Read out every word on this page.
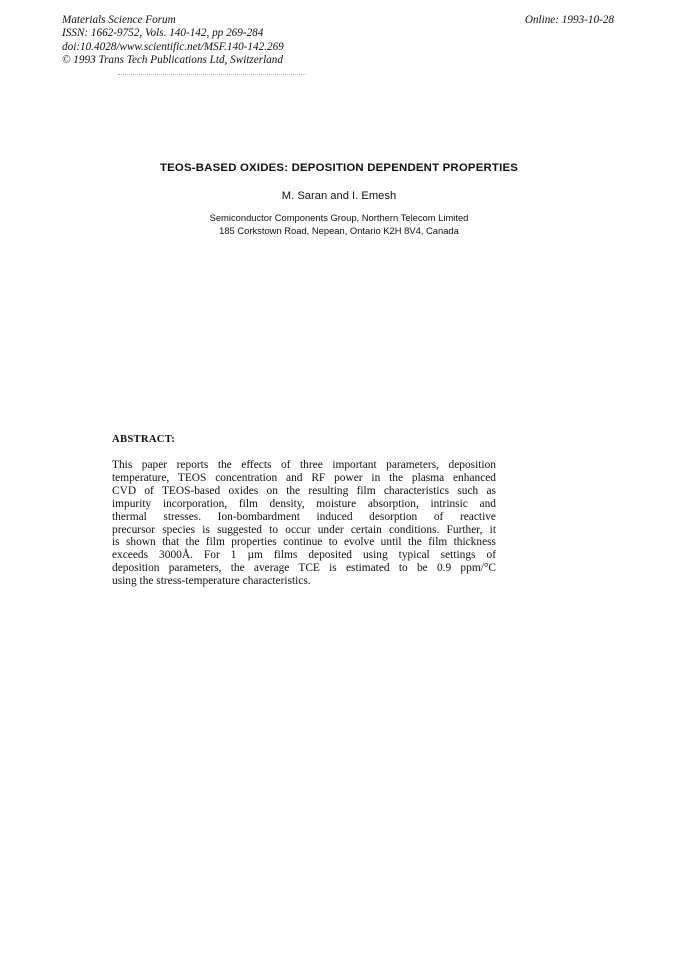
Materials Science Forum
ISSN: 1662-9752, Vols. 140-142, pp 269-284
doi:10.4028/www.scientific.net/MSF.140-142.269
© 1993 Trans Tech Publications Ltd, Switzerland
Online: 1993-10-28
TEOS-BASED OXIDES: DEPOSITION DEPENDENT PROPERTIES
M. Saran and I. Emesh
Semiconductor Components Group, Northern Telecom Limited
185 Corkstown Road, Nepean, Ontario K2H 8V4, Canada
ABSTRACT:
This paper reports the effects of three important parameters, deposition
temperature, TEOS concentration and RF power in the plasma enhanced
CVD of TEOS-based oxides on the resulting film characteristics such as
impurity incorporation, film density, moisture absorption, intrinsic and
thermal stresses. Ion-bombardment induced desorption of reactive
precursor species is suggested to occur under certain conditions. Further, it
is shown that the film properties continue to evolve until the film thickness
exceeds 3000Å. For 1 µm films deposited using typical settings of
deposition parameters, the average TCE is estimated to be 0.9 ppm/°C
using the stress-temperature characteristics.
